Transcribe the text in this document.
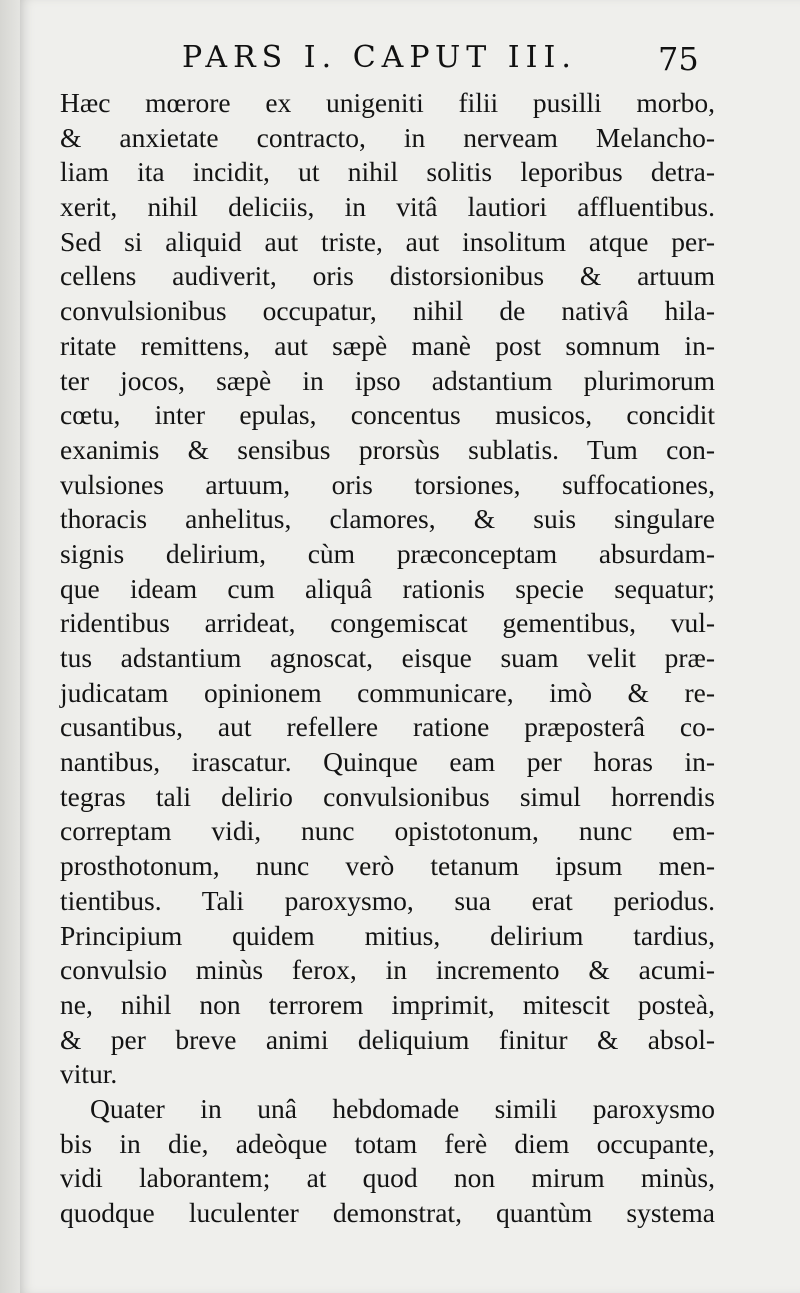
PARS I. CAPUT III.	75
Hæc mœrore ex unigeniti filii pusilli morbo,
& anxietate contracto, in nerveam Melancho-
liam ita incidit, ut nihil solitis leporibus detra-
xerit, nihil deliciis, in vitâ lautiori affluentibus.
Sed si aliquid aut triste, aut insolitum atque per-
cellens audiverit, oris distorsionibus & artuum
convulsionibus occupatur, nihil de nativâ hila-
ritate remittens, aut sæpè manè post somnum in-
ter jocos, sæpè in ipso adstantium plurimorum
cœtu, inter epulas, concentus musicos, concidit
exanimis & sensibus prorsùs sublatis. Tum con-
vulsiones artuum, oris torsiones, suffocationes,
thoracis anhelitus, clamores, & suis singulare
signis delirium, cùm præconceptam absurdam-
que ideam cum aliquâ rationis specie sequatur;
ridentibus arrideat, congemiscat gementibus, vul-
tus adstantium agnoscat, eisque suam velit præ-
judicatam opinionem communicare, imò & re-
cusantibus, aut refellere ratione præposterâ co-
nantibus, irascatur. Quinque eam per horas in-
tegras tali delirio convulsionibus simul horrendis
correptam vidi, nunc opistotonum, nunc em-
prosthotonum, nunc verò tetanum ipsum men-
tientibus. Tali paroxysmo, sua erat periodus.
Principium quidem mitius, delirium tardius,
convulsio minùs ferox, in incremento & acumi-
ne, nihil non terrorem imprimit, mitescit posteà,
& per breve animi deliquium finitur & absol-
vitur.
Quater in unâ hebdomade simili paroxysmo
bis in die, adeòque totam ferè diem occupante,
vidi laborantem; at quod non mirum minùs,
quodque luculenter demonstrat, quantùm systema
